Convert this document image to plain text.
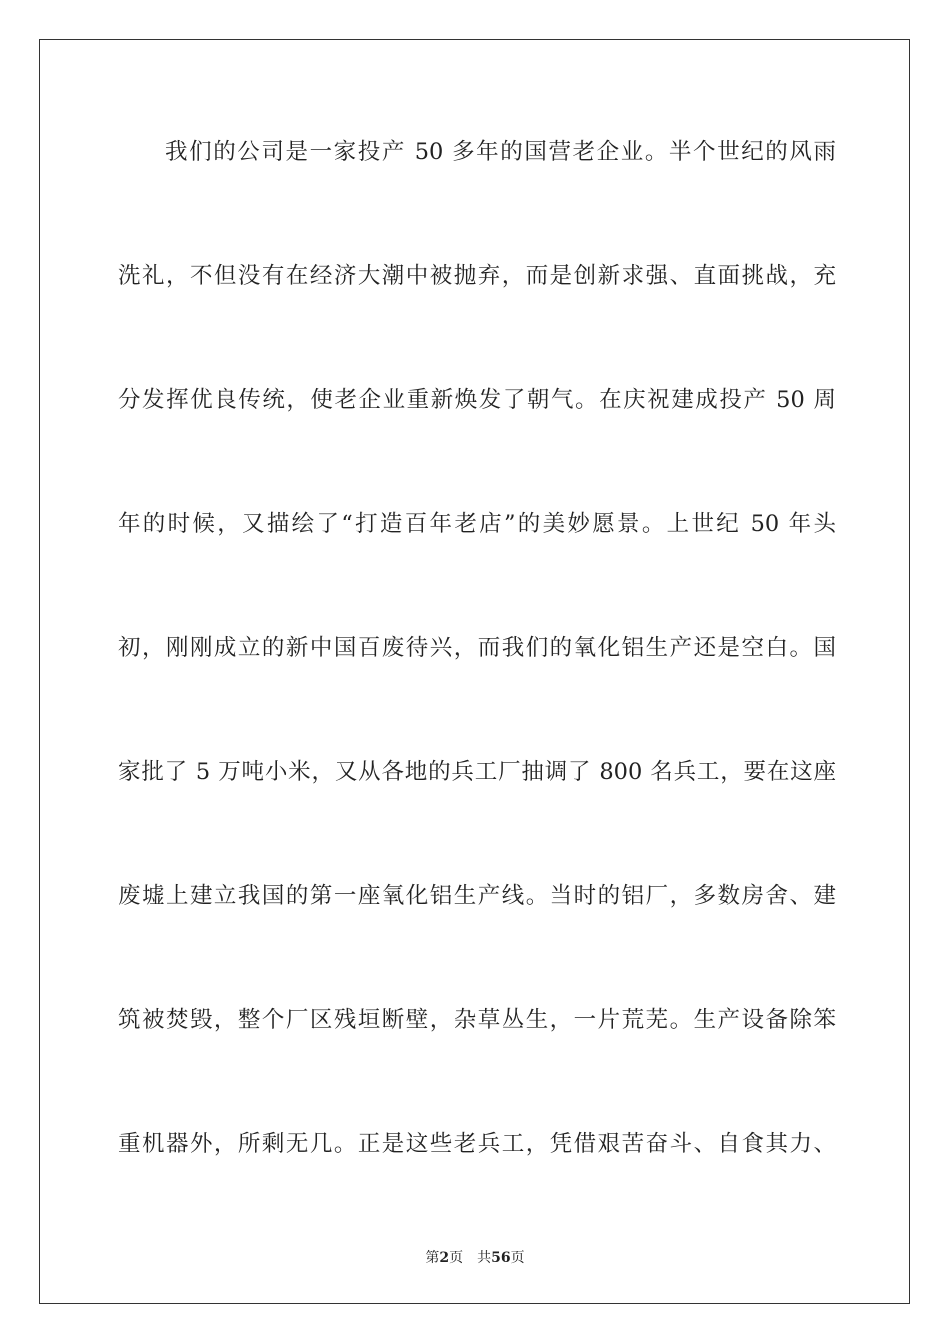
我们的公司是一家投产 50 多年的国营老企业。半个世纪的风雨
洗礼，不但没有在经济大潮中被抛弃，而是创新求强、直面挑战，充
分发挥优良传统，使老企业重新焕发了朝气。在庆祝建成投产 50 周
年的时候，又描绘了“打造百年老店”的美妙愿景。上世纪 50 年头
初，刚刚成立的新中国百废待兴，而我们的氧化铝生产还是空白。国
家批了 5 万吨小米，又从各地的兵工厂抽调了 800 名兵工，要在这座
废墟上建立我国的第一座氧化铝生产线。当时的铝厂，多数房舍、建
筑被焚毁，整个厂区残垣断壁，杂草丛生，一片荒芜。生产设备除笨
重机器外，所剩无几。正是这些老兵工，凭借艰苦奋斗、自食其力、
第2页 共56页
